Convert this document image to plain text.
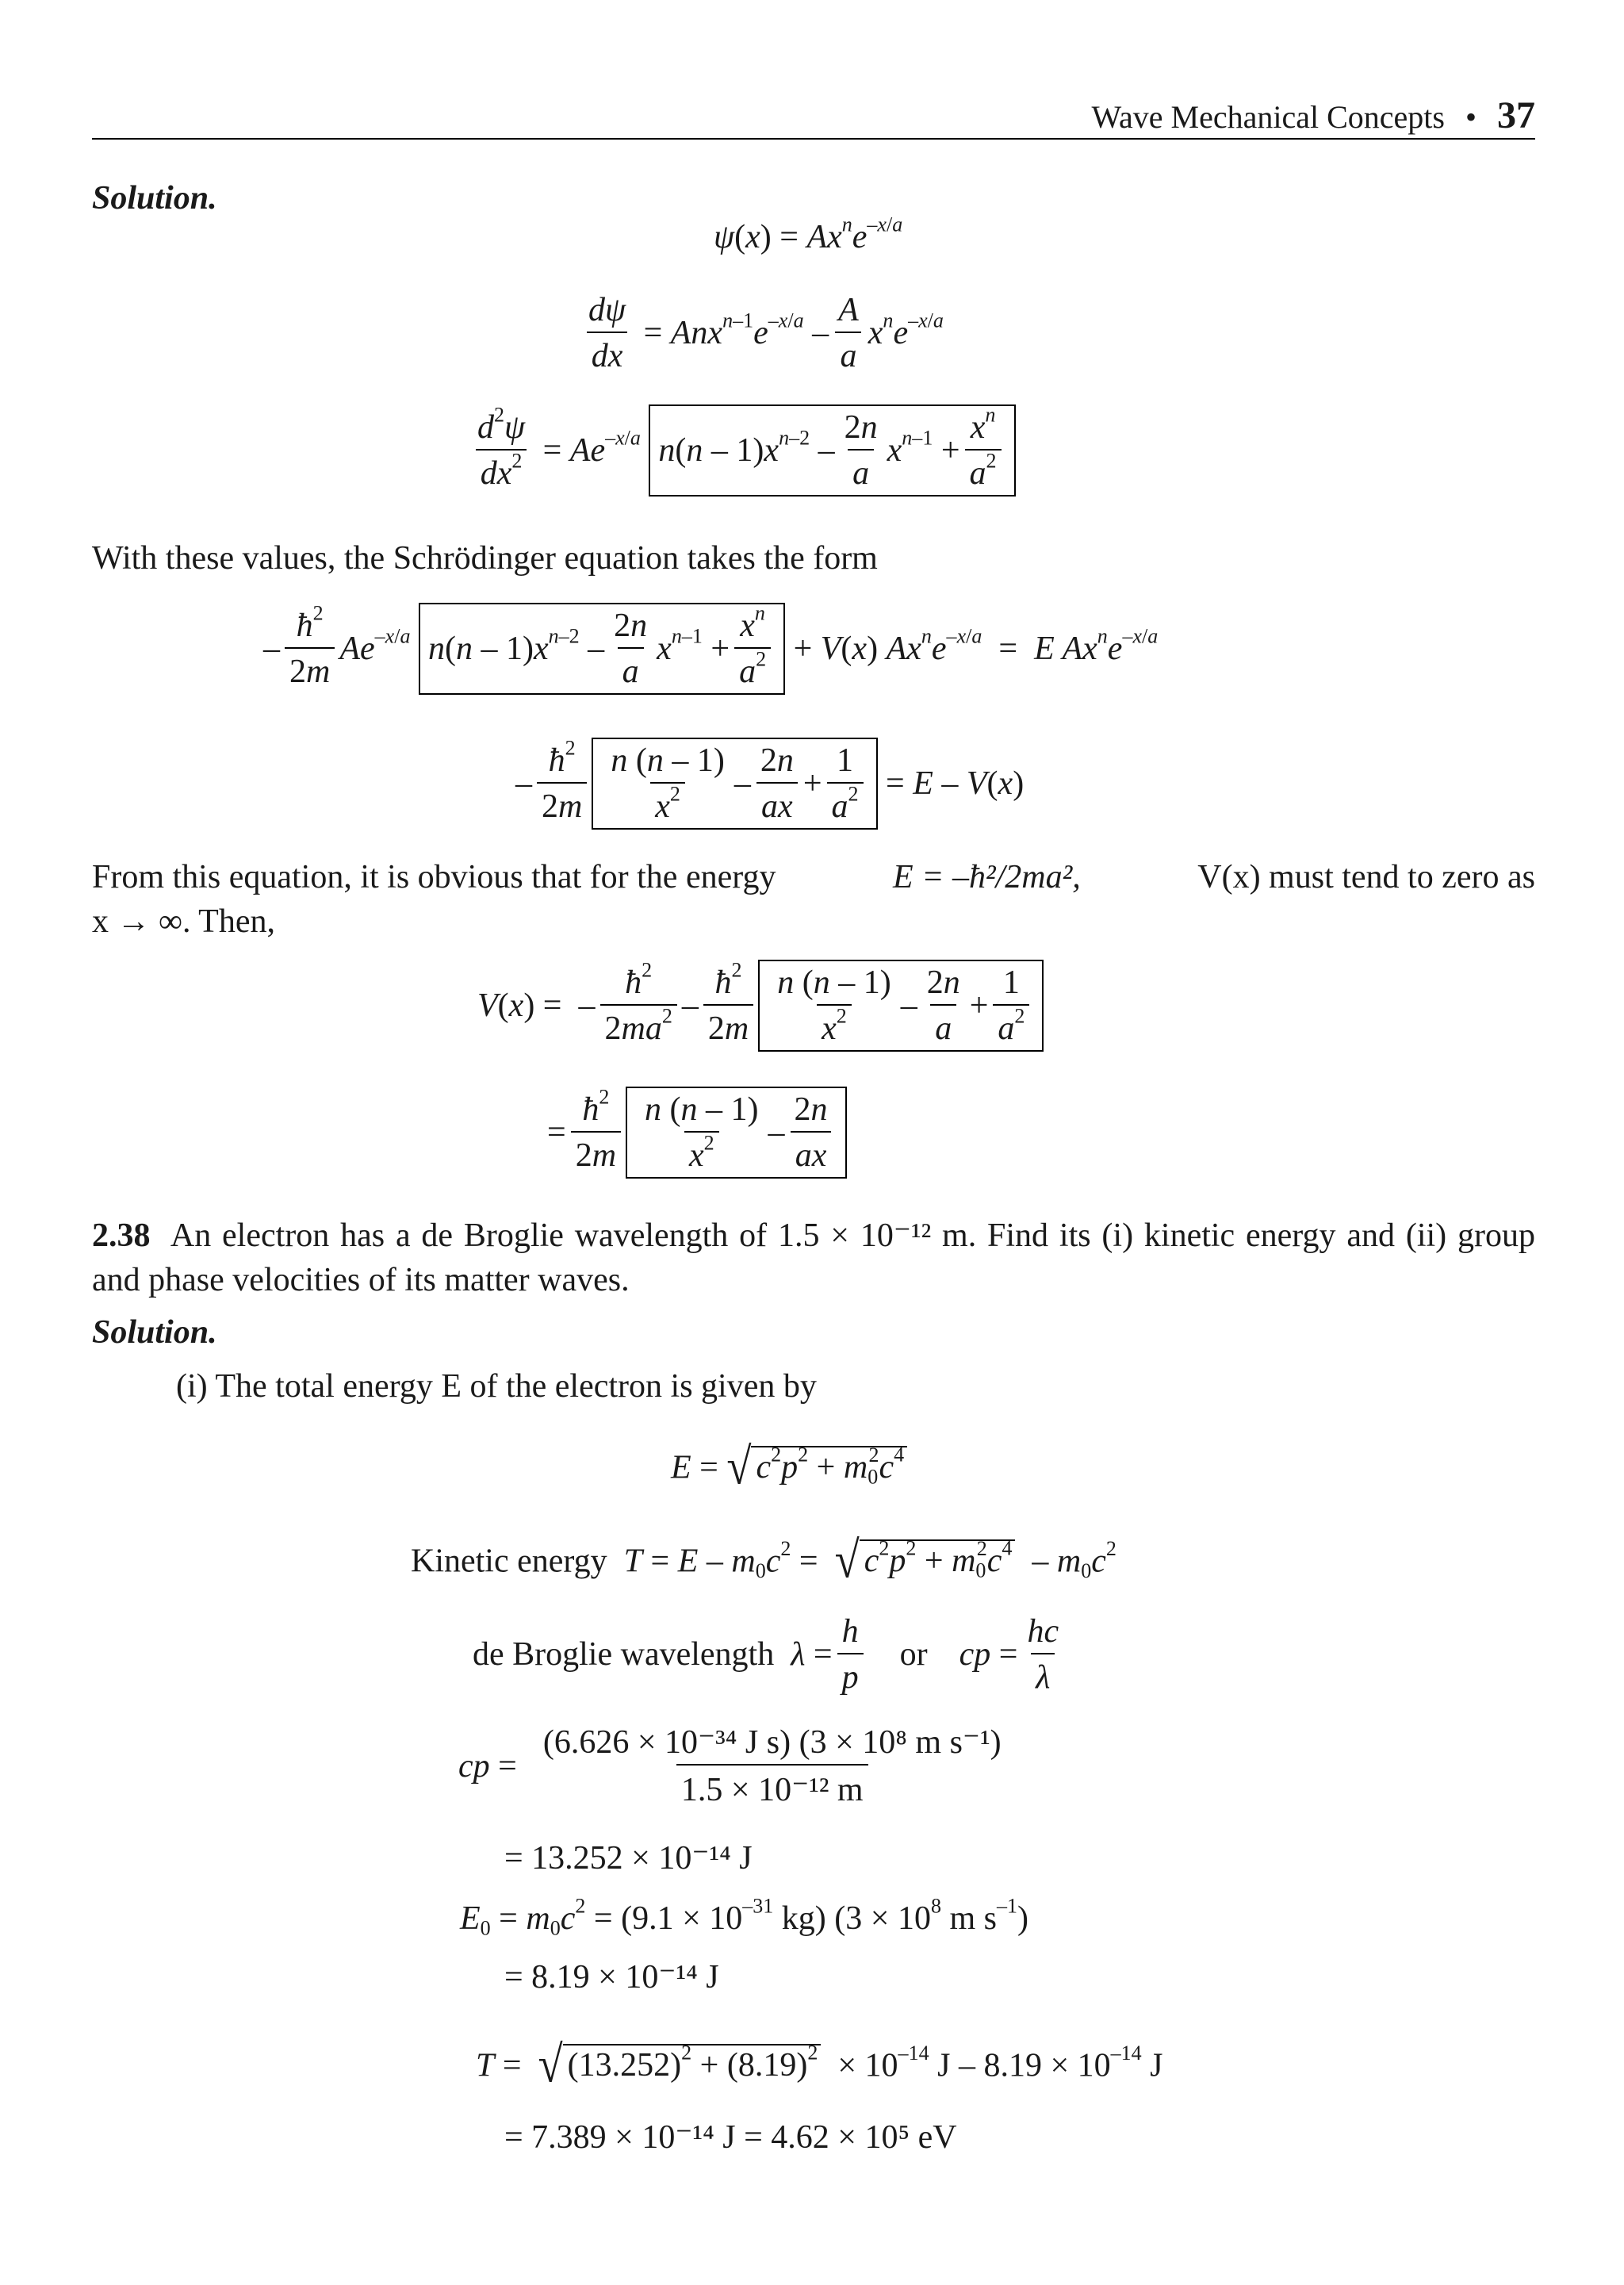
Wave Mechanical Concepts • 37
Solution.
$\psi(x) = Ax^ne^{-x/a}$
$\frac{d\psi}{dx} = Anx^{n-1}e^{-x/a} - \frac{A}{a} x^ne^{-x/a}$
$\frac{d^2\psi}{dx^2} = Ae^{-x/a}$ $n(n - 1)x^{n-2} - \frac{2n}{a} x^{n-1} + \frac{x^n}{a^2}$
With these values, the Schrödinger equation takes the form
– $\frac{ħ^2}{2m} Ae^{-x/a}$ $n(n - 1)x^{n-2} - \frac{2n}{a} x^{n-1} + \frac{x^n}{a^2} + V(x)$ $Ax^ne^{-x/a} = E$ $Ax^ne^{-x/a}$
– $\frac{ħ^2}{2m} \frac{n (n - 1)}{x^2} - \frac{2n}{ax} + \frac{1}{a^2} = E - V(x)$
From this equation, it is obvious that for the energy	E = –ħ²/2ma²,	V(x) must tend to zero as
x → ∞. Then,
V(x) =  – $\frac{ħ^2}{2ma^2} - \frac{ħ^2}{2m} \frac{n (n - 1)}{x^2} - \frac{2n}{a} + \frac{1}{a^2}$
= $\frac{ħ^2}{2m} \frac{n (n - 1)}{x^2} - \frac{2n}{ax}$
2.38 An electron has a de Broglie wavelength of 1.5 × 10⁻¹² m. Find its (i) kinetic energy and (ii) group and phase velocities of its matter waves.
Solution.
(i) The total energy E of the electron is given by
E = √ $c^2p^2 + m_0^2c^4$
Kinetic energy $T = E - m_0c^2$ =  √ $c^2p^2 + m_0^2c^4 - m_0c^2$
de Broglie wavelength $\lambda = \frac{h}{p}$ or cp = $\frac{hc}{\lambda}$
cp = $\frac{\text{(6.626 × 10⁻³⁴ J s) (3 × 10⁸ m s⁻¹)}}{\text{1.5 × 10⁻¹² m}}$
= 13.252 × 10⁻¹⁴ J
$E_0 = m_0c^2 = (9.1 \times 10^{-31}$ kg) ($3 \times 10^8$ m $s^{-1}$)
= 8.19 × 10⁻¹⁴ J
T =  √ $(13.252)^2 + (8.19)^2 \times 10^{-14}$ $J - 8.19 \times 10^{-14}$ J
= 7.389 × 10⁻¹⁴ J = 4.62 × 10⁵ eV
